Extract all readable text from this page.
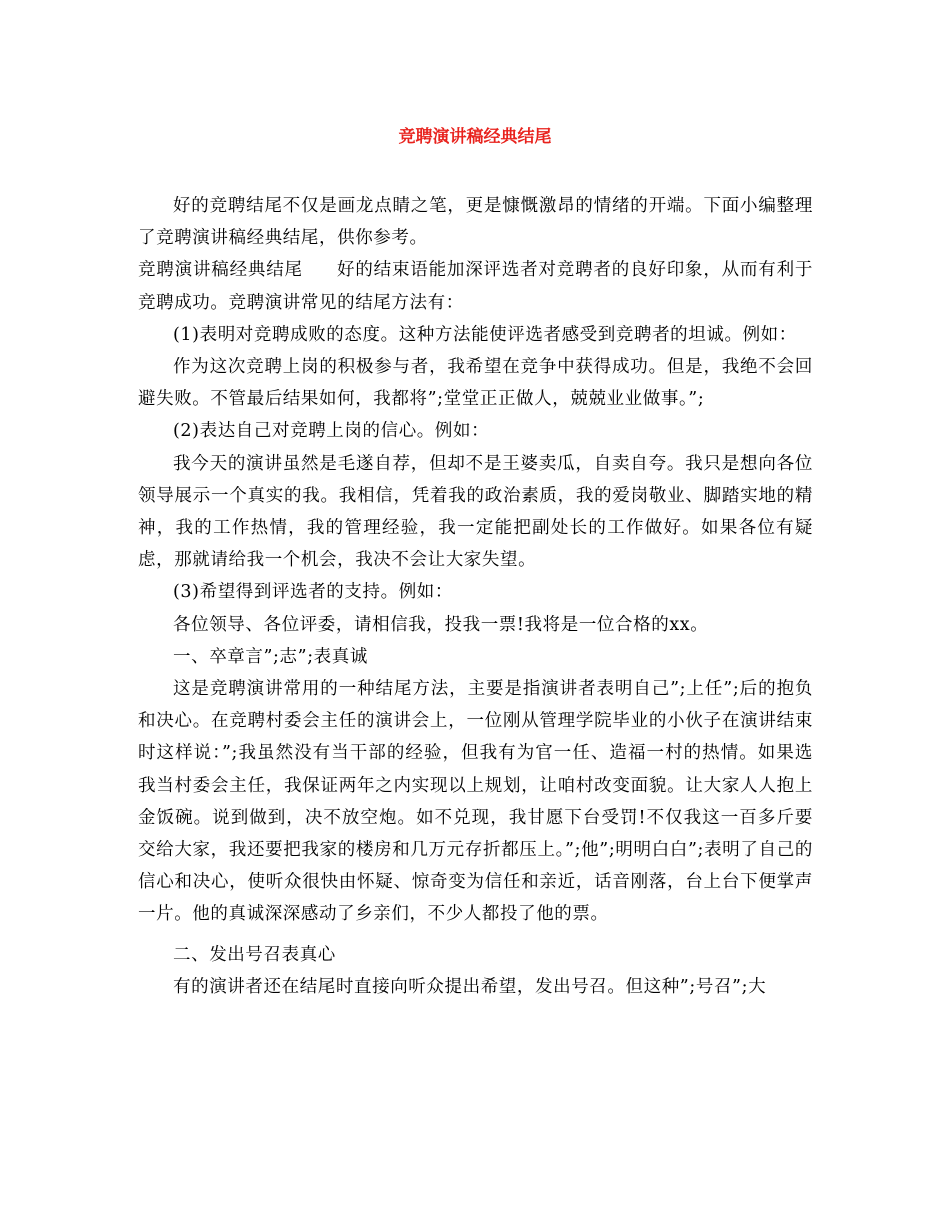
竞聘演讲稿经典结尾

好的竞聘结尾不仅是画龙点睛之笔，更是慷慨激昂的情绪的开端。下面小编整理了竞聘演讲稿经典结尾，供你参考。

竞聘演讲稿经典结尾 好的结束语能加深评选者对竞聘者的良好印象，从而有利于竞聘成功。竞聘演讲常见的结尾方法有：

(1)表明对竞聘成败的态度。这种方法能使评选者感受到竞聘者的坦诚。例如：

作为这次竞聘上岗的积极参与者，我希望在竞争中获得成功。但是，我绝不会回避失败。不管最后结果如何，我都将”;堂堂正正做人，兢兢业业做事。”;

(2)表达自己对竞聘上岗的信心。例如：

我今天的演讲虽然是毛遂自荐，但却不是王婆卖瓜，自卖自夸。我只是想向各位领导展示一个真实的我。我相信，凭着我的政治素质，我的爱岗敬业、脚踏实地的精神，我的工作热情，我的管理经验，我一定能把副处长的工作做好。如果各位有疑虑，那就请给我一个机会，我决不会让大家失望。

(3)希望得到评选者的支持。例如：

各位领导、各位评委，请相信我，投我一票!我将是一位合格的xx。

一、卒章言”;志”;表真诚

这是竞聘演讲常用的一种结尾方法，主要是指演讲者表明自己”;上任”;后的抱负和决心。在竞聘村委会主任的演讲会上，一位刚从管理学院毕业的小伙子在演讲结束时这样说：”;我虽然没有当干部的经验，但我有为官一任、造福一村的热情。如果选我当村委会主任，我保证两年之内实现以上规划，让咱村改变面貌。让大家人人抱上金饭碗。说到做到，决不放空炮。如不兑现，我甘愿下台受罚!不仅我这一百多斤要交给大家，我还要把我家的楼房和几万元存折都压上。”;他”;明明白白”;表明了自己的信心和决心，使听众很快由怀疑、惊奇变为信任和亲近，话音刚落，台上台下便掌声一片。他的真诚深深感动了乡亲们，不少人都投了他的票。

二、发出号召表真心

有的演讲者还在结尾时直接向听众提出希望，发出号召。但这种”;号召”;大
